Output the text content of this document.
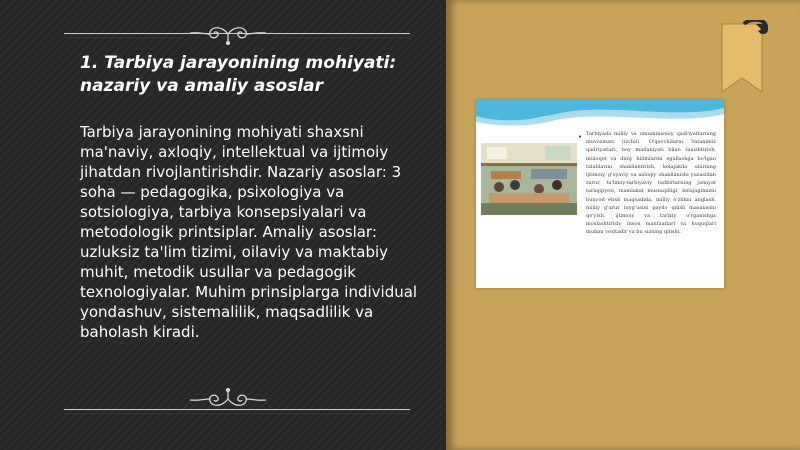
1. Tarbiya jarayonining mohiyati: nazariy va amaliy asoslar

Tarbiya jarayonining mohiyati shaxsni ma'naviy, axloqiy, intellektual va ijtimoiy jihatdan rivojlantirishdir. Nazariy asoslar: 3 soha — pedagogika, psixologiya va sotsiologiya, tarbiya konsepsiyalari va metodologik printsiplar. Amaliy asoslar: uzluksiz ta'lim tizimi, oilaviy va maktabiy muhit, metodik usullar va pedagogik texnologiyalar. Muhim prinsiplarga individual yondashuv, sistemalilik, maqsadlilik va baholash kiradi.

• Tarbiyada milliy va umuminsoniy qadriyatlarning muvozinati (izchil). O'quvchilarni Vatanimiz qadriyatlari, boy madaniyati bilan tanishtirish, muloqot va diniy bilimlarini egallashga bo'lgan talablarini shakllantirish, kelajakda ularning ijtimoiy, g'oyaviy va axloqiy shakllanishi yuzasidan zarur, ta'limiy-tarbiyaviy tadbirlarning jamiyat taraqqiyoti, mamlakat mustaqilligi, kelajagimizni bunyod etish maqsadida, milliy o'zlikni anglash, milliy g'urur tuyg'usini paydo qilish masalasini qo'yish, ijtimoiy va tarixiy o'rganishga moslashtirish; inson manfaatlari va huquqlari muhim vositadir va bu sizning qilishi.
